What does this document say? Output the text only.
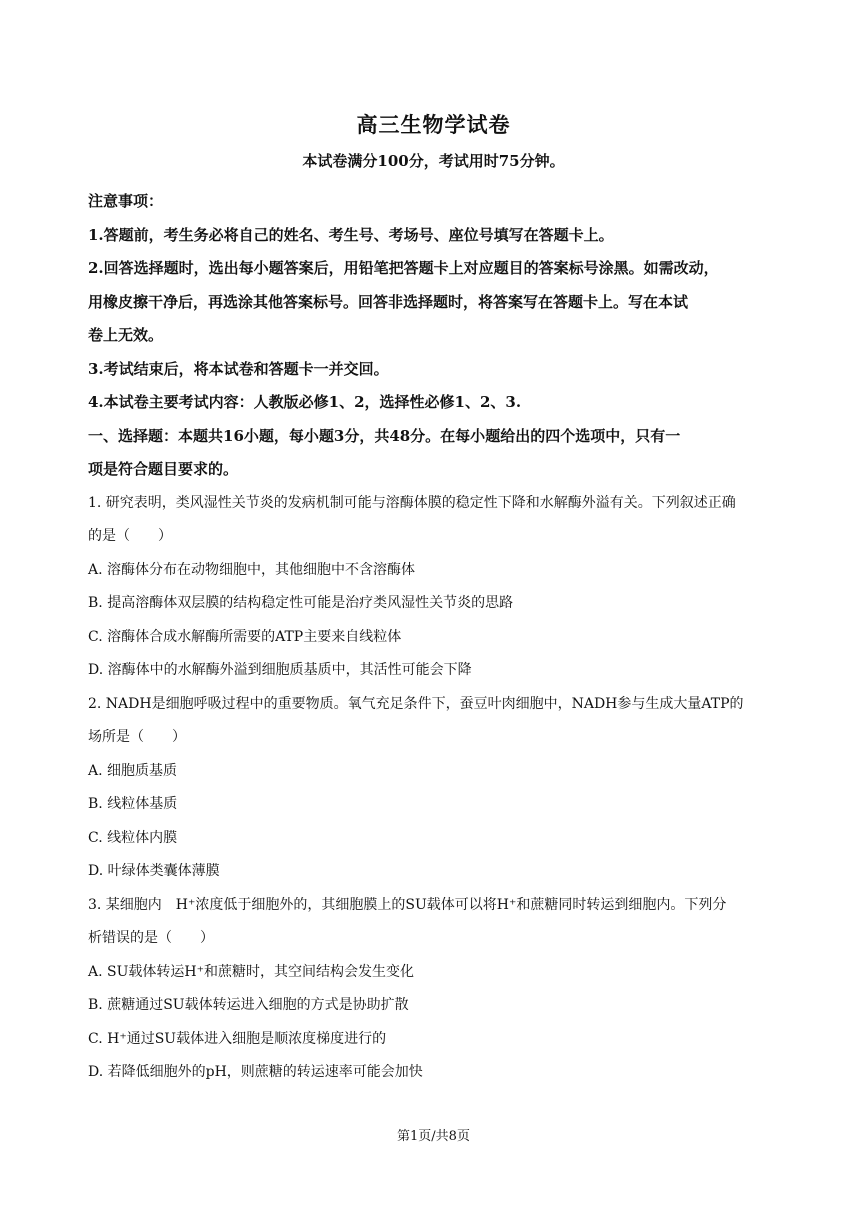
高三生物学试卷
本试卷满分100分，考试用时75分钟。
注意事项：
1.答题前，考生务必将自己的姓名、考生号、考场号、座位号填写在答题卡上。
2.回答选择题时，选出每小题答案后，用铅笔把答题卡上对应题目的答案标号涂黑。如需改动，
用橡皮擦干净后，再选涂其他答案标号。回答非选择题时，将答案写在答题卡上。写在本试
卷上无效。
3.考试结束后，将本试卷和答题卡一并交回。
4.本试卷主要考试内容：人教版必修1、2，选择性必修1、2、3.
一、选择题：本题共16小题，每小题3分，共48分。在每小题给出的四个选项中，只有一
项是符合题目要求的。
1. 研究表明，类风湿性关节炎的发病机制可能与溶酶体膜的稳定性下降和水解酶外溢有关。下列叙述正确
的是（　　）
A. 溶酶体分布在动物细胞中，其他细胞中不含溶酶体
B. 提高溶酶体双层膜的结构稳定性可能是治疗类风湿性关节炎的思路
C. 溶酶体合成水解酶所需要的ATP主要来自线粒体
D. 溶酶体中的水解酶外溢到细胞质基质中，其活性可能会下降
2. NADH是细胞呼吸过程中的重要物质。氧气充足条件下，蚕豆叶肉细胞中，NADH参与生成大量ATP的
场所是（　　）
A. 细胞质基质
B. 线粒体基质
C. 线粒体内膜
D. 叶绿体类囊体薄膜
3. 某细胞内　H⁺浓度低于细胞外的，其细胞膜上的SU载体可以将H⁺和蔗糖同时转运到细胞内。下列分
析错误的是（　　）
A. SU载体转运H⁺和蔗糖时，其空间结构会发生变化
B. 蔗糖通过SU载体转运进入细胞的方式是协助扩散
C. H⁺通过SU载体进入细胞是顺浓度梯度进行的
D. 若降低细胞外的pH，则蔗糖的转运速率可能会加快
第1页/共8页
